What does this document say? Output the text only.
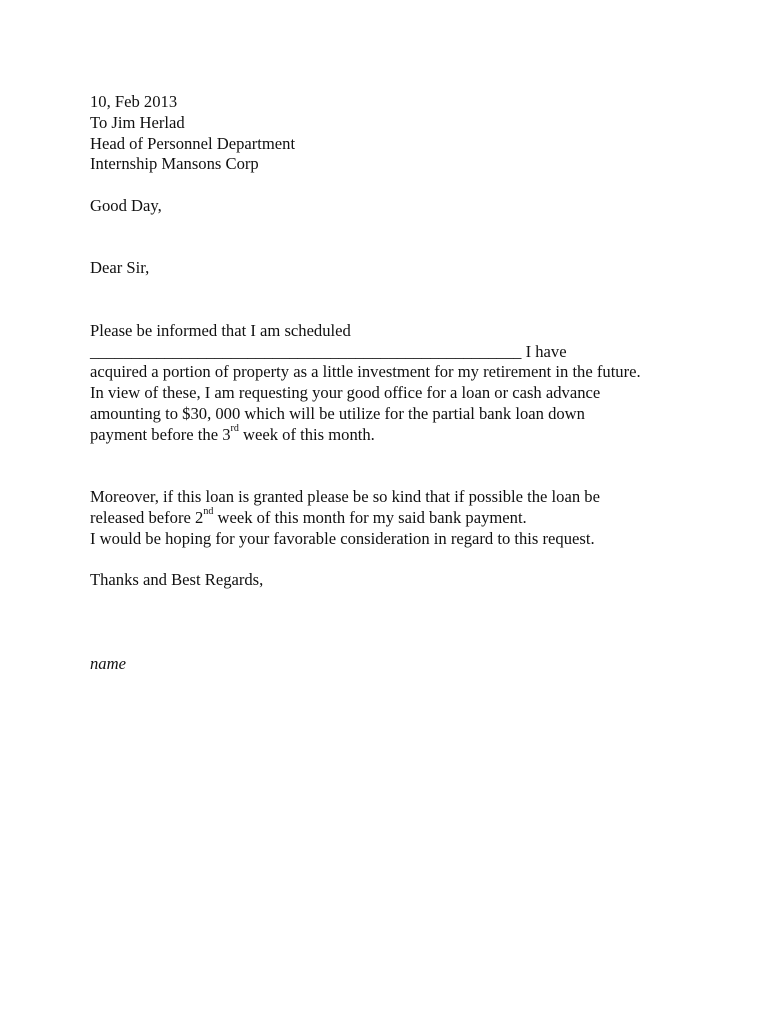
10, Feb 2013
To Jim Herlad
Head of Personnel Department
Internship Mansons Corp
Good Day,
Dear Sir,
Please be informed that I am scheduled
____________________________________________________ I have
acquired a portion of property as a little investment for my retirement in the future.
In view of these, I am requesting your good office for a loan or cash advance
amounting to $30, 000 which will be utilize for the partial bank loan down
payment before the 3rd week of this month.
Moreover, if this loan is granted please be so kind that if possible the loan be
released before 2nd week of this month for my said bank payment.
I would be hoping for your favorable consideration in regard to this request.
Thanks and Best Regards,
name
